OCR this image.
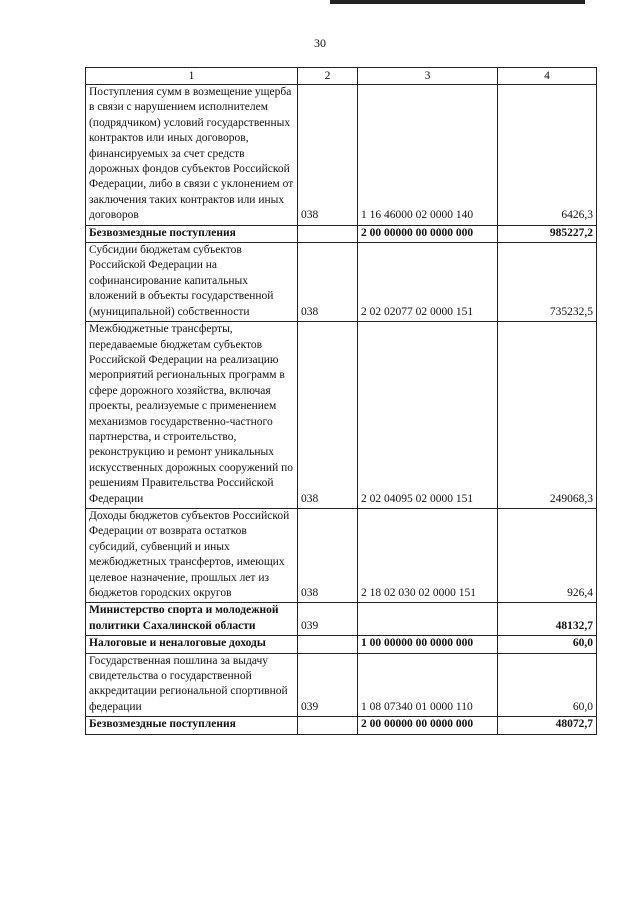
30
1	2	3	4
Поступления сумм в возмещение ущерба в связи с нарушением исполнителем (подрядчиком) условий государственных контрактов или иных договоров, финансируемых за счет средств дорожных фондов субъектов Российской Федерации, либо в связи с уклонением от заключения таких контрактов или иных договоров	038	1 16 46000 02 0000 140	6426,3
Безвозмездные поступления		2 00 00000 00 0000 000	985227,2
Субсидии бюджетам субъектов Российской Федерации на софинансирование капитальных вложений в объекты государственной (муниципальной) собственности	038	2 02 02077 02 0000 151	735232,5
Межбюджетные трансферты, передаваемые бюджетам субъектов Российской Федерации на реализацию мероприятий региональных программ в сфере дорожного хозяйства, включая проекты, реализуемые с применением механизмов государственно-частного партнерства, и строительство, реконструкцию и ремонт уникальных искусственных дорожных сооружений по решениям Правительства Российской Федерации	038	2 02 04095 02 0000 151	249068,3
Доходы бюджетов субъектов Российской Федерации от возврата остатков субсидий, субвенций и иных межбюджетных трансфертов, имеющих целевое назначение, прошлых лет из бюджетов городских округов	038	2 18 02 030 02 0000 151	926,4
Министерство спорта и молодежной политики Сахалинской области	039		48132,7
Налоговые и неналоговые доходы		1 00 00000 00 0000 000	60,0
Государственная пошлина за выдачу свидетельства о государственной аккредитации региональной спортивной федерации	039	1 08 07340 01 0000 110	60,0
Безвозмездные поступления		2 00 00000 00 0000 000	48072,7
